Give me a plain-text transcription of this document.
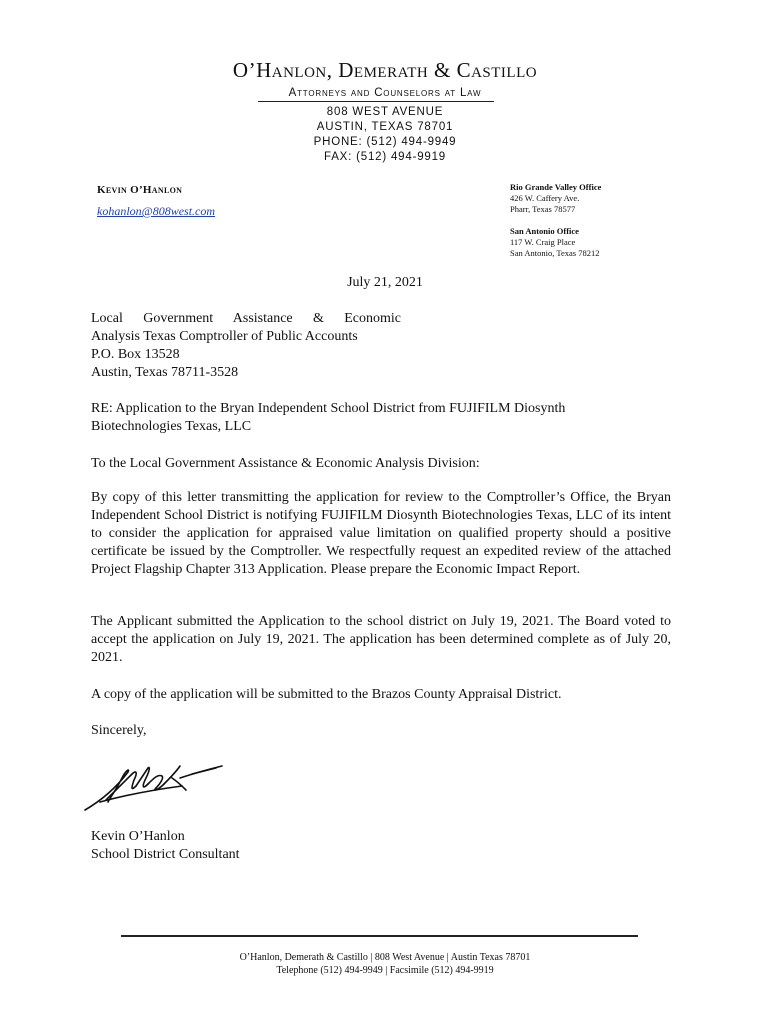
O’Hanlon, Demerath & Castillo
Attorneys and Counselors at Law
808 WEST AVENUE
AUSTIN, TEXAS 78701
PHONE: (512) 494-9949
FAX: (512) 494-9919
Kevin O’Hanlon
kohanlon@808west.com
Rio Grande Valley Office
426 W. Caffery Ave.
Pharr, Texas 78577
San Antonio Office
117 W. Craig Place
San Antonio, Texas 78212
July 21, 2021
Local Government Assistance & Economic
Analysis Texas Comptroller of Public Accounts
P.O. Box 13528
Austin, Texas 78711-3528
RE: Application to the Bryan Independent School District from FUJIFILM Diosynth Biotechnologies Texas, LLC
To the Local Government Assistance & Economic Analysis Division:
By copy of this letter transmitting the application for review to the Comptroller’s Office, the Bryan Independent School District is notifying FUJIFILM Diosynth Biotechnologies Texas, LLC of its intent to consider the application for appraised value limitation on qualified property should a positive certificate be issued by the Comptroller. We respectfully request an expedited review of the attached Project Flagship Chapter 313 Application. Please prepare the Economic Impact Report.
The Applicant submitted the Application to the school district on July 19, 2021. The Board voted to accept the application on July 19, 2021. The application has been determined complete as of July 20, 2021.
A copy of the application will be submitted to the Brazos County Appraisal District.
Sincerely,
Kevin O’Hanlon
School District Consultant
O’Hanlon, Demerath & Castillo | 808 West Avenue | Austin Texas 78701
Telephone (512) 494-9949 | Facsimile (512) 494-9919
